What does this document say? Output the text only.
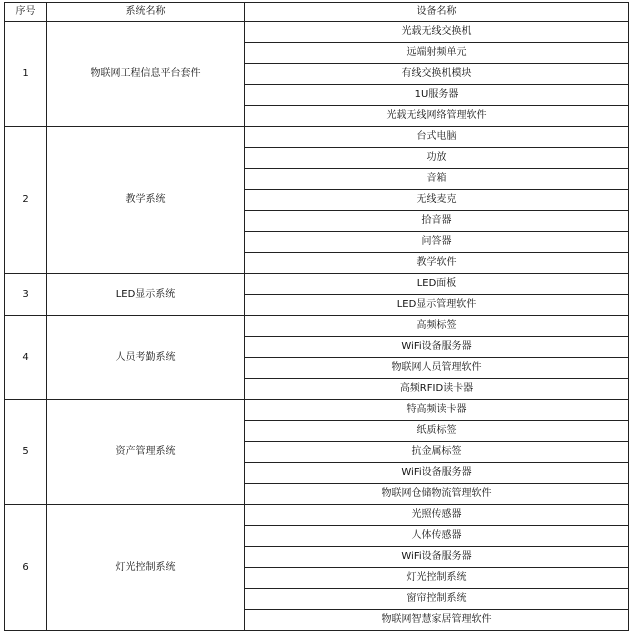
序号	系统名称	设备名称
1	物联网工程信息平台套件	光载无线交换机
		远端射频单元
		有线交换机模块
		1U服务器
		光载无线网络管理软件
2	教学系统	台式电脑
		功放
		音箱
		无线麦克
		拾音器
		问答器
		教学软件
3	LED显示系统	LED面板
		LED显示管理软件
4	人员考勤系统	高频标签
		WiFi设备服务器
		物联网人员管理软件
		高频RFID读卡器
5	资产管理系统	特高频读卡器
		纸质标签
		抗金属标签
		WiFi设备服务器
		物联网仓储物流管理软件
6	灯光控制系统	光照传感器
		人体传感器
		WiFi设备服务器
		灯光控制系统
		窗帘控制系统
		物联网智慧家居管理软件
